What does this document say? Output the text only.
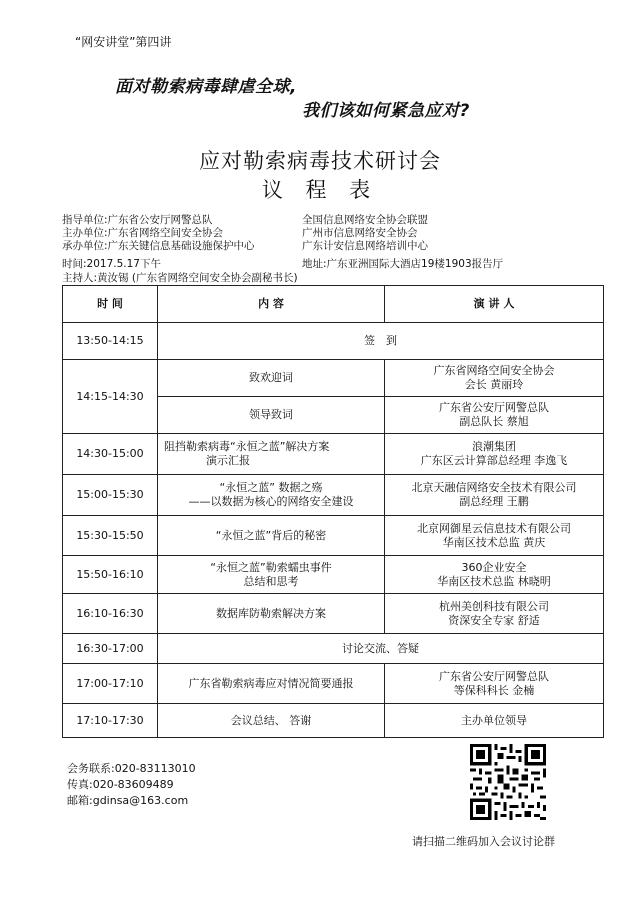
“网安讲堂”第四讲
面对勒索病毒肆虐全球,
我们该如何紧急应对?
应对勒索病毒技术研讨会
议 程 表
指导单位:广东省公安厅网警总队	全国信息网络安全协会联盟
主办单位:广东省网络空间安全协会	广州市信息网络安全协会
承办单位:广东关键信息基础设施保护中心	广东计安信息网络培训中心
时间:2017.5.17下午	地址:广东亚洲国际大酒店19楼1903报告厅
主持人:黄汝锡 (广东省网络空间安全协会副秘书长)
时 间	内 容	演 讲 人
13:50-14:15	签　到	
14:15-14:30	致欢迎词	广东省网络空间安全协会
会长 黄丽玲

	领导致词	广东省公安厅网警总队
副总队长 蔡旭

14:30-15:00	阻挡勒索病毒“永恒之蓝”解决方案
演示汇报	浪潮集团
广东区云计算部总经理 李逸飞

15:00-15:30	“永恒之蓝” 数据之殇
——以数据为核心的网络安全建设	北京天融信网络安全技术有限公司
副总经理 王鹏

15:30-15:50	“永恒之蓝”背后的秘密	北京网御星云信息技术有限公司
华南区技术总监 黄庆

15:50-16:10	“永恒之蓝”勒索蠕虫事件
总结和思考	360企业安全
华南区技术总监 林晓明

16:10-16:30	数据库防勒索解决方案	杭州美创科技有限公司
资深安全专家 舒适

16:30-17:00	讨论交流、答疑	
17:00-17:10	广东省勒索病毒应对情况简要通报	广东省公安厅网警总队
等保科科长 金楠

17:10-17:30	会议总结、 答谢	主办单位领导
会务联系:020-83113010
传真:020-83609489
邮箱:gdinsa@163.com
请扫描二维码加入会议讨论群
